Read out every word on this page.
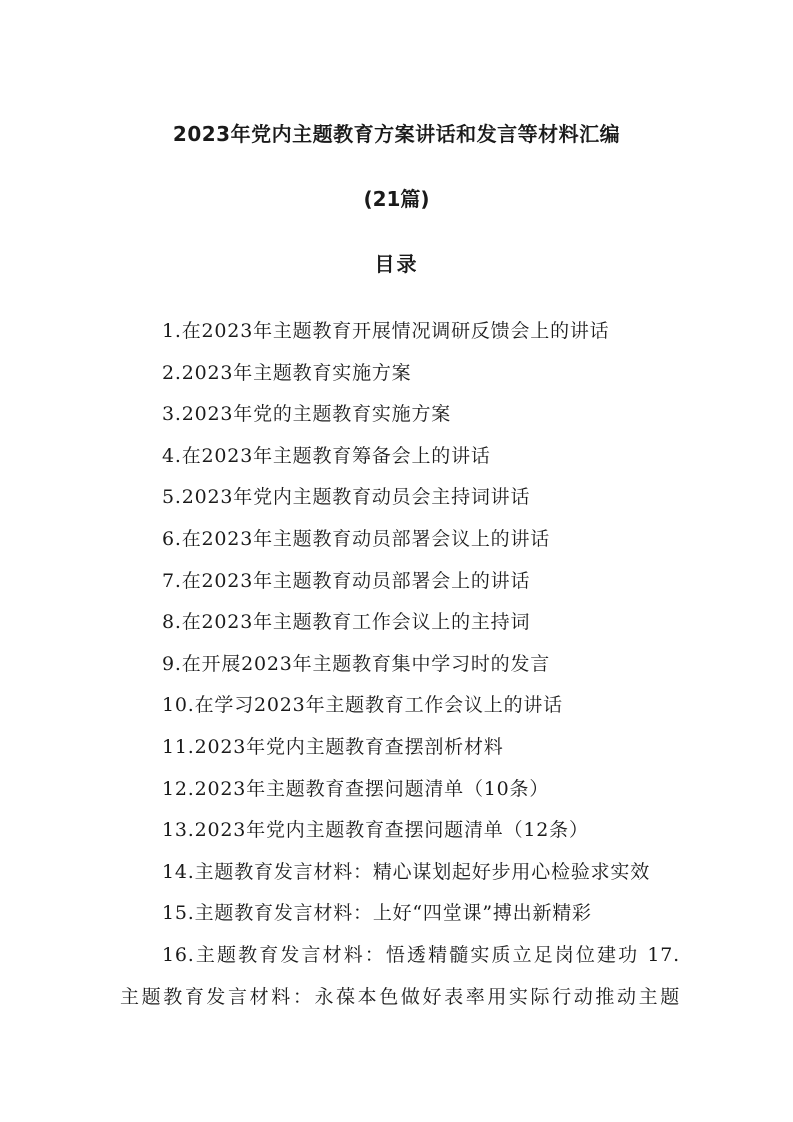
2023年党内主题教育方案讲话和发言等材料汇编
(21篇)
目录
1.在2023年主题教育开展情况调研反馈会上的讲话
2.2023年主题教育实施方案
3.2023年党的主题教育实施方案
4.在2023年主题教育筹备会上的讲话
5.2023年党内主题教育动员会主持词讲话
6.在2023年主题教育动员部署会议上的讲话
7.在2023年主题教育动员部署会上的讲话
8.在2023年主题教育工作会议上的主持词
9.在开展2023年主题教育集中学习时的发言
10.在学习2023年主题教育工作会议上的讲话
11.2023年党内主题教育查摆剖析材料
12.2023年主题教育查摆问题清单（10条）
13.2023年党内主题教育查摆问题清单（12条）
14.主题教育发言材料：精心谋划起好步用心检验求实效
15.主题教育发言材料：上好“四堂课”搏出新精彩
16.主题教育发言材料：悟透精髓实质立足岗位建功 17.
主题教育发言材料：永葆本色做好表率用实际行动推动主题
